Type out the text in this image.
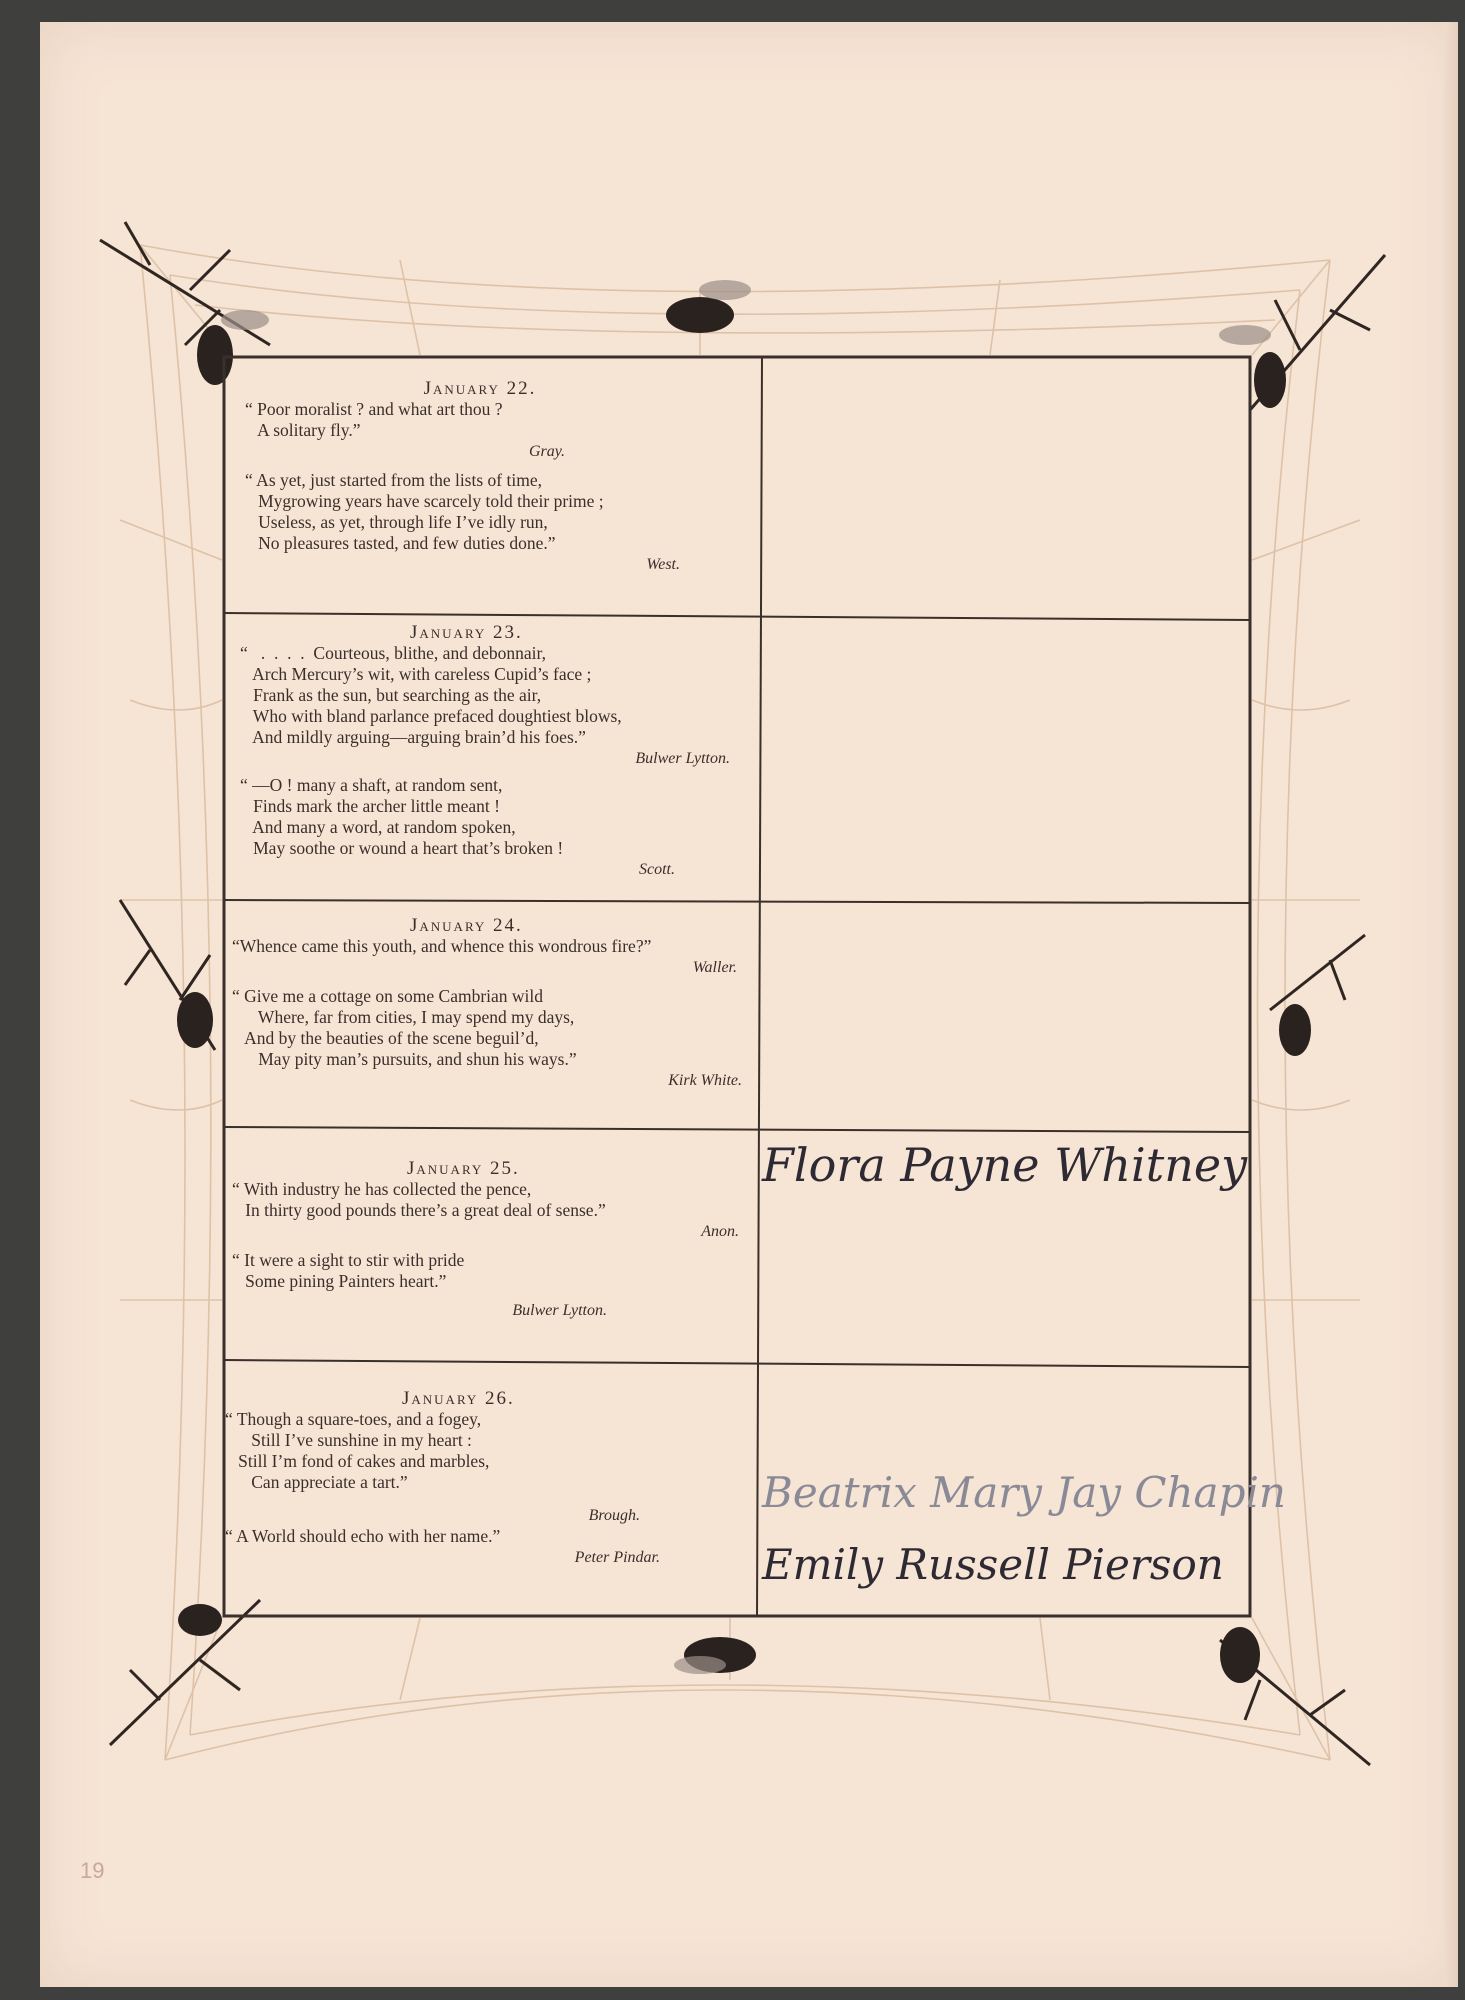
January 22.
“ Poor moralist ? and what art thou ?
A solitary fly.”
Gray.
“ As yet, just started from the lists of time,
Mygrowing years have scarcely told their prime ;
Useless, as yet, through life I’ve idly run,
No pleasures tasted, and few duties done.”
West.
January 23.
“   .  .  .  .  Courteous, blithe, and debonnair,
Arch Mercury’s wit, with careless Cupid’s face ;
Frank as the sun, but searching as the air,
Who with bland parlance prefaced doughtiest blows,
And mildly arguing—arguing brain’d his foes.”
Bulwer Lytton.
“ —O ! many a shaft, at random sent,
Finds mark the archer little meant !
And many a word, at random spoken,
May soothe or wound a heart that’s broken !
Scott.
January 24.
“Whence came this youth, and whence this wondrous fire?”
Waller.
“ Give me a cottage on some Cambrian wild
Where, far from cities, I may spend my days,
And by the beauties of the scene beguil’d,
May pity man’s pursuits, and shun his ways.”
Kirk White.
January 25.
“ With industry he has collected the pence,
In thirty good pounds there’s a great deal of sense.”
Anon.
“ It were a sight to stir with pride
Some pining Painters heart.”
Bulwer Lytton.
January 26.
“ Though a square-toes, and a fogey,
Still I’ve sunshine in my heart :
Still I’m fond of cakes and marbles,
Can appreciate a tart.”
Brough.
“ A World should echo with her name.”
Peter Pindar.
Flora Payne Whitney
Beatrix Mary Jay Chapin
Emily Russell Pierson
19
